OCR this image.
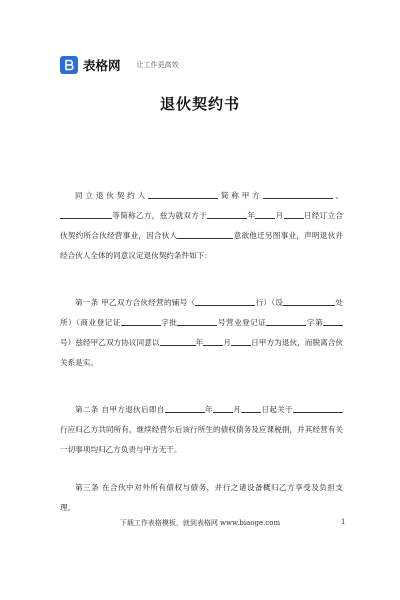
表格网 让工作更高效
退伙契约书

同立退伙契约人	简称甲方	、等简称乙方，兹为就双方于	年	月	日经订立合伙契约所合伙经营事业，因合伙人	意欲他迁另图事业，声明退伙并经合伙人全体的同意议定退伙契约条件如下：

第一条 甲乙双方合伙经营的铺号（	行）（设	处所）（商业登记证	字批	号营业登记证	字第号）兹经甲乙双方协议同意以	年	月	日甲方为退伙，而脱离合伙关系是实。

第二条 自甲方退伙后即自	年	月	日起关于行应归乙方共同所有，继续经营尔后该行所生的债权债务及应课税捐，并其经营有关一切事项均归乙方负责与甲方无干。

第三条 在合伙中对外所有债权与债务，并行之诸设备概归乙方享受及负担支理。

下载工作表格模板，就到表格网 www.biaoge.com	1
